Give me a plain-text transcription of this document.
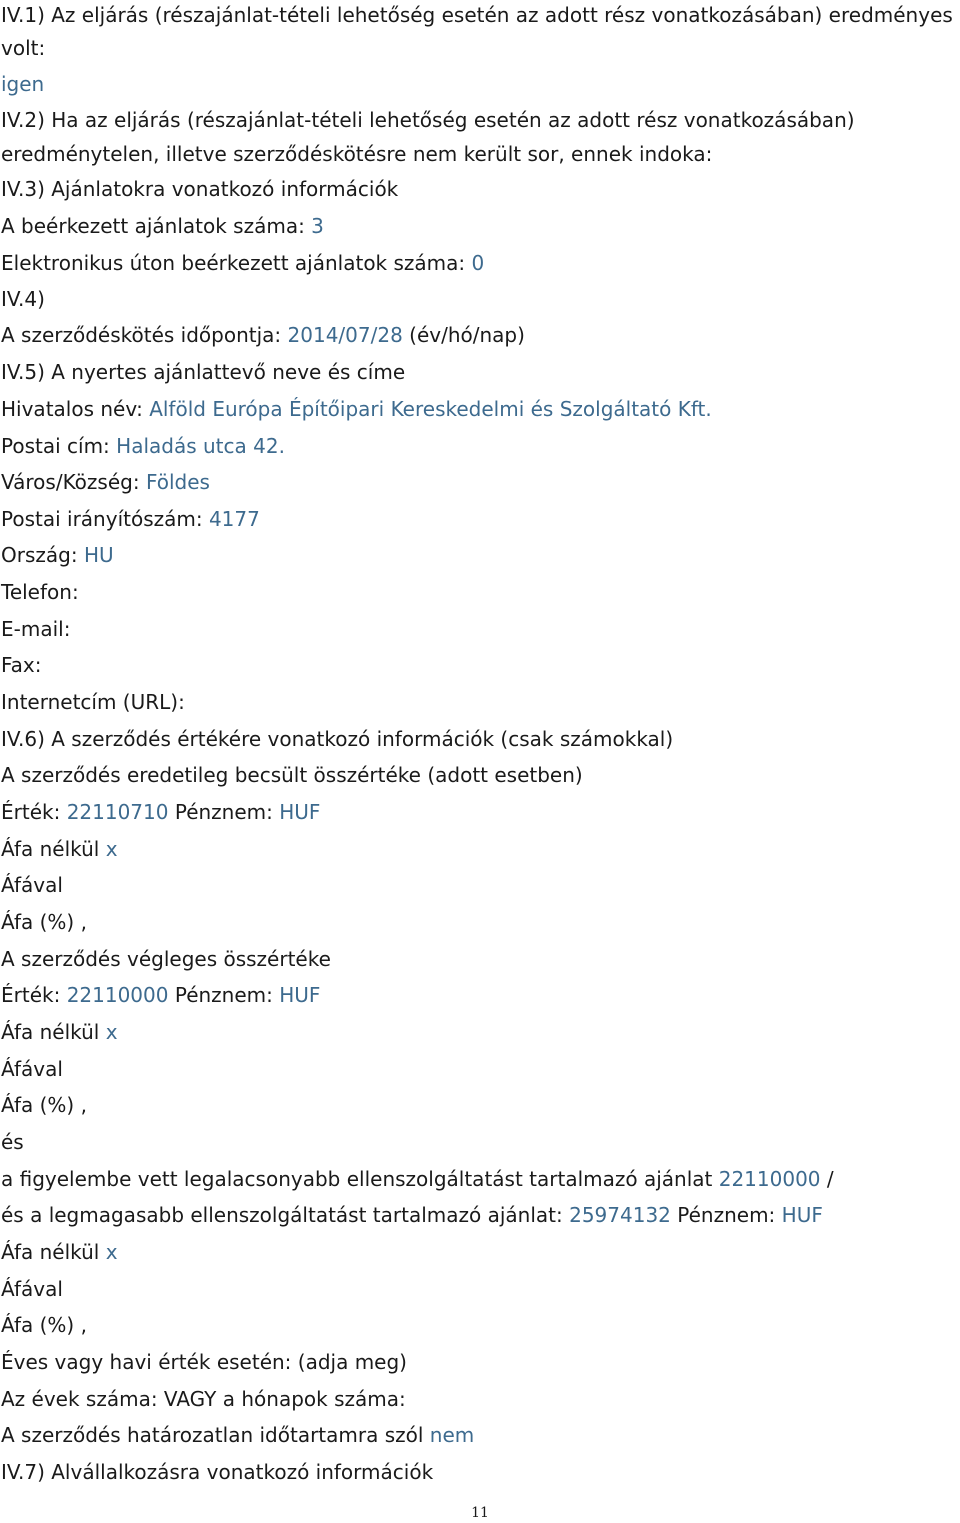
IV.1) Az eljárás (részajánlat-tételi lehetőség esetén az adott rész vonatkozásában) eredményes
volt:
igen
IV.2) Ha az eljárás (részajánlat-tételi lehetőség esetén az adott rész vonatkozásában)
eredménytelen, illetve szerződéskötésre nem került sor, ennek indoka:
IV.3) Ajánlatokra vonatkozó információk
A beérkezett ajánlatok száma: 3
Elektronikus úton beérkezett ajánlatok száma: 0
IV.4)
A szerződéskötés időpontja: 2014/07/28 (év/hó/nap)
IV.5) A nyertes ajánlattevő neve és címe
Hivatalos név: Alföld Európa Építőipari Kereskedelmi és Szolgáltató Kft.
Postai cím: Haladás utca 42.
Város/Község: Földes
Postai irányítószám: 4177
Ország: HU
Telefon:
E-mail:
Fax:
Internetcím (URL):
IV.6) A szerződés értékére vonatkozó információk (csak számokkal)
A szerződés eredetileg becsült összértéke (adott esetben)
Érték: 22110710 Pénznem: HUF
Áfa nélkül x
Áfával
Áfa (%) ,
A szerződés végleges összértéke
Érték: 22110000 Pénznem: HUF
Áfa nélkül x
Áfával
Áfa (%) ,
és
a figyelembe vett legalacsonyabb ellenszolgáltatást tartalmazó ajánlat 22110000 /
és a legmagasabb ellenszolgáltatást tartalmazó ajánlat: 25974132 Pénznem: HUF
Áfa nélkül x
Áfával
Áfa (%) ,
Éves vagy havi érték esetén: (adja meg)
Az évek száma: VAGY a hónapok száma:
A szerződés határozatlan időtartamra szól nem
IV.7) Alvállalkozásra vonatkozó információk
11
